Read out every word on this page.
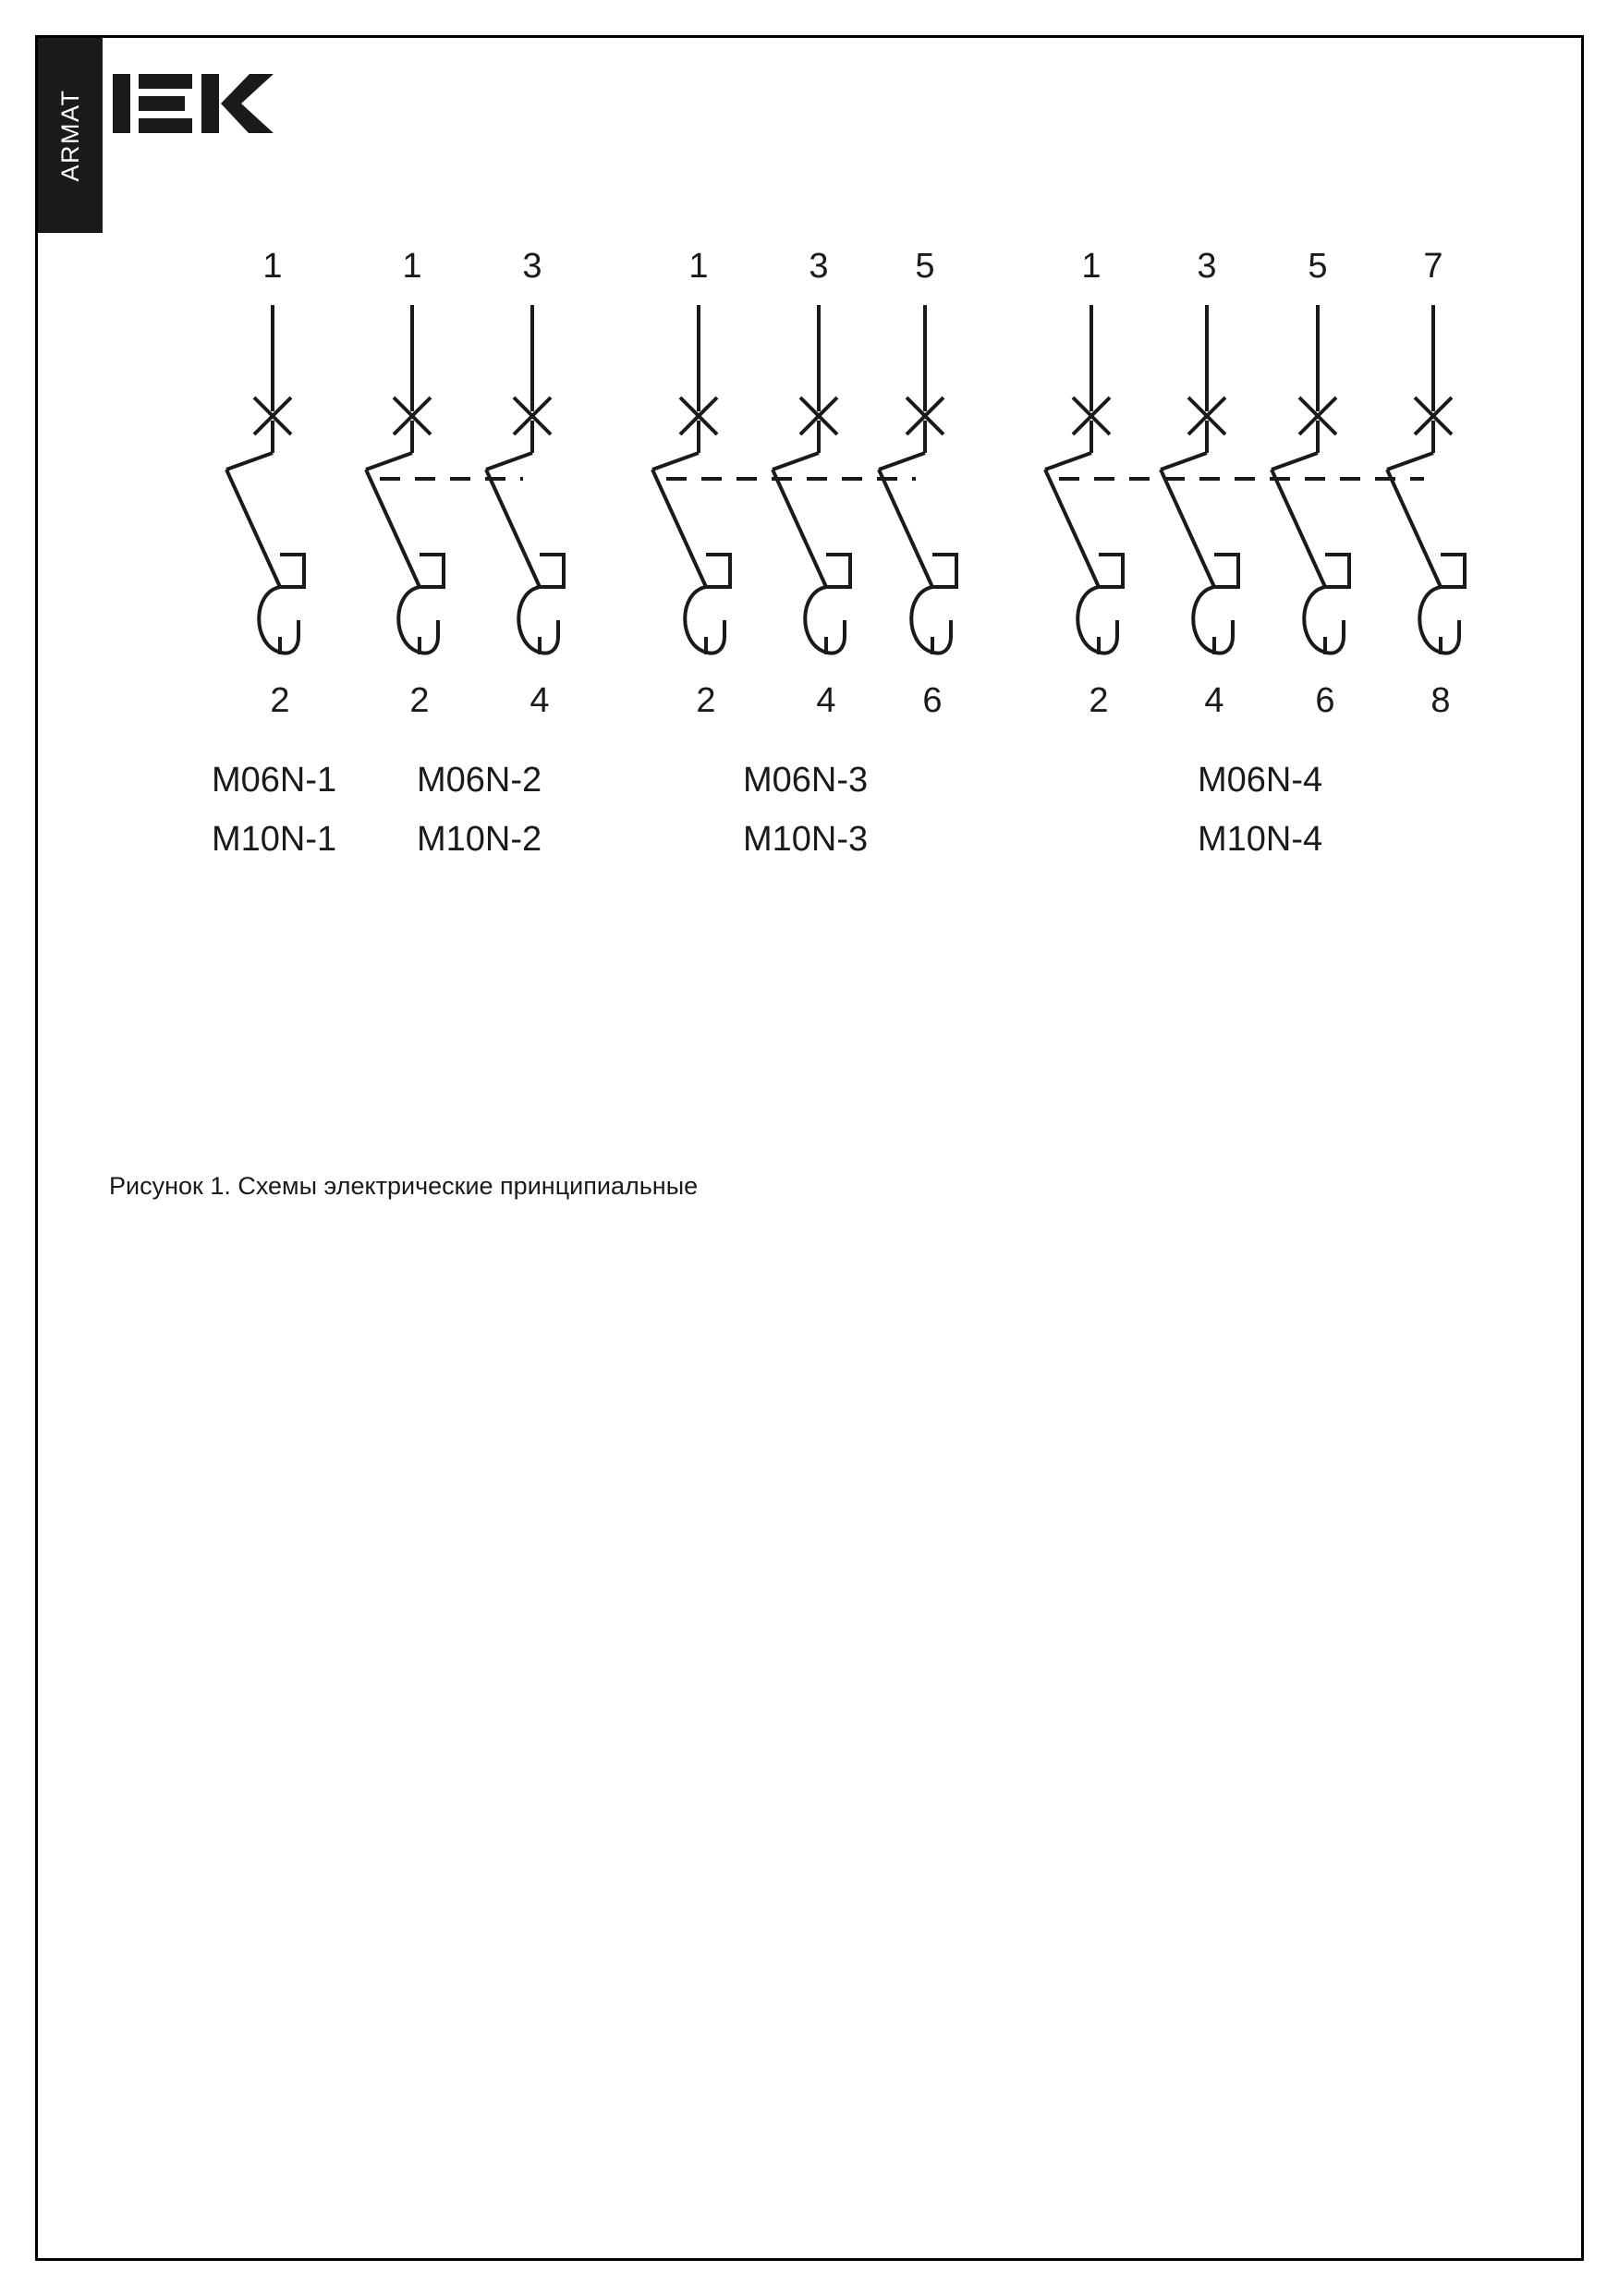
ARMAT
1	1	3	1	3 5	1	3	5	7
2	2	4	2	4 6	2	4	6	8
M06N-1
M10N-1
M06N-2
M10N-2
M06N-3
M10N-3
M06N-4
M10N-4
Рисунок 1. Схемы электрические принципиальные
